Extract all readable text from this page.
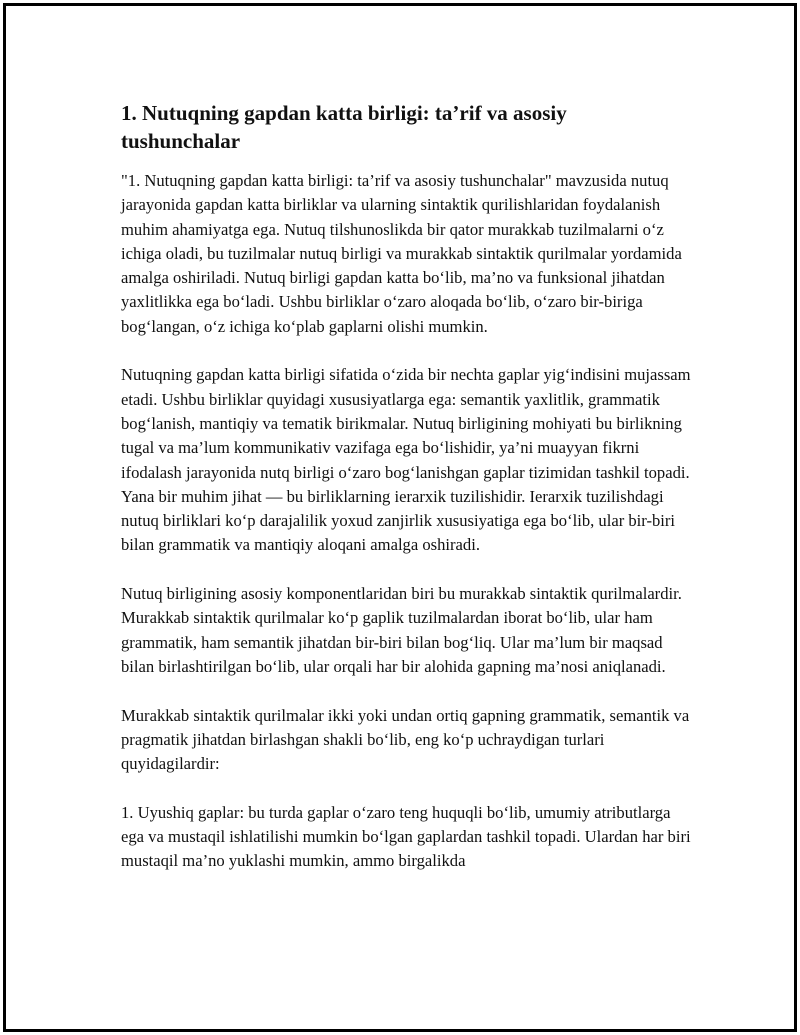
1. Nutuqning gapdan katta birligi: ta’rif va asosiy tushunchalar

"1. Nutuqning gapdan katta birligi: ta’rif va asosiy tushunchalar" mavzusida nutuq jarayonida gapdan katta birliklar va ularning sintaktik qurilishlaridan foydalanish muhim ahamiyatga ega. Nutuq tilshunoslikda bir qator murakkab tuzilmalarni o‘z ichiga oladi, bu tuzilmalar nutuq birligi va murakkab sintaktik qurilmalar yordamida amalga oshiriladi. Nutuq birligi gapdan katta bo‘lib, ma’no va funksional jihatdan yaxlitlikka ega bo‘ladi. Ushbu birliklar o‘zaro aloqada bo‘lib, o‘zaro bir-biriga bog‘langan, o‘z ichiga ko‘plab gaplarni olishi mumkin.

Nutuqning gapdan katta birligi sifatida o‘zida bir nechta gaplar yig‘indisini mujassam etadi. Ushbu birliklar quyidagi xususiyatlarga ega: semantik yaxlitlik, grammatik bog‘lanish, mantiqiy va tematik birikmalar. Nutuq birligining mohiyati bu birlikning tugal va ma’lum kommunikativ vazifaga ega bo‘lishidir, ya’ni muayyan fikrni ifodalash jarayonida nutq birligi o‘zaro bog‘lanishgan gaplar tizimidan tashkil topadi. Yana bir muhim jihat — bu birliklarning ierarxik tuzilishidir. Ierarxik tuzilishdagi nutuq birliklari ko‘p darajalilik yoxud zanjirlik xususiyatiga ega bo‘lib, ular bir-biri bilan grammatik va mantiqiy aloqani amalga oshiradi.

Nutuq birligining asosiy komponentlaridan biri bu murakkab sintaktik qurilmalardir. Murakkab sintaktik qurilmalar ko‘p gaplik tuzilmalardan iborat bo‘lib, ular ham grammatik, ham semantik jihatdan bir-biri bilan bog‘liq. Ular ma’lum bir maqsad bilan birlashtirilgan bo‘lib, ular orqali har bir alohida gapning ma’nosi aniqlanadi.

Murakkab sintaktik qurilmalar ikki yoki undan ortiq gapning grammatik, semantik va pragmatik jihatdan birlashgan shakli bo‘lib, eng ko‘p uchraydigan turlari quyidagilardir:

1. Uyushiq gaplar: bu turda gaplar o‘zaro teng huquqli bo‘lib, umumiy atributlarga ega va mustaqil ishlatilishi mumkin bo‘lgan gaplardan tashkil topadi. Ulardan har biri mustaqil ma’no yuklashi mumkin, ammo birgalikda
